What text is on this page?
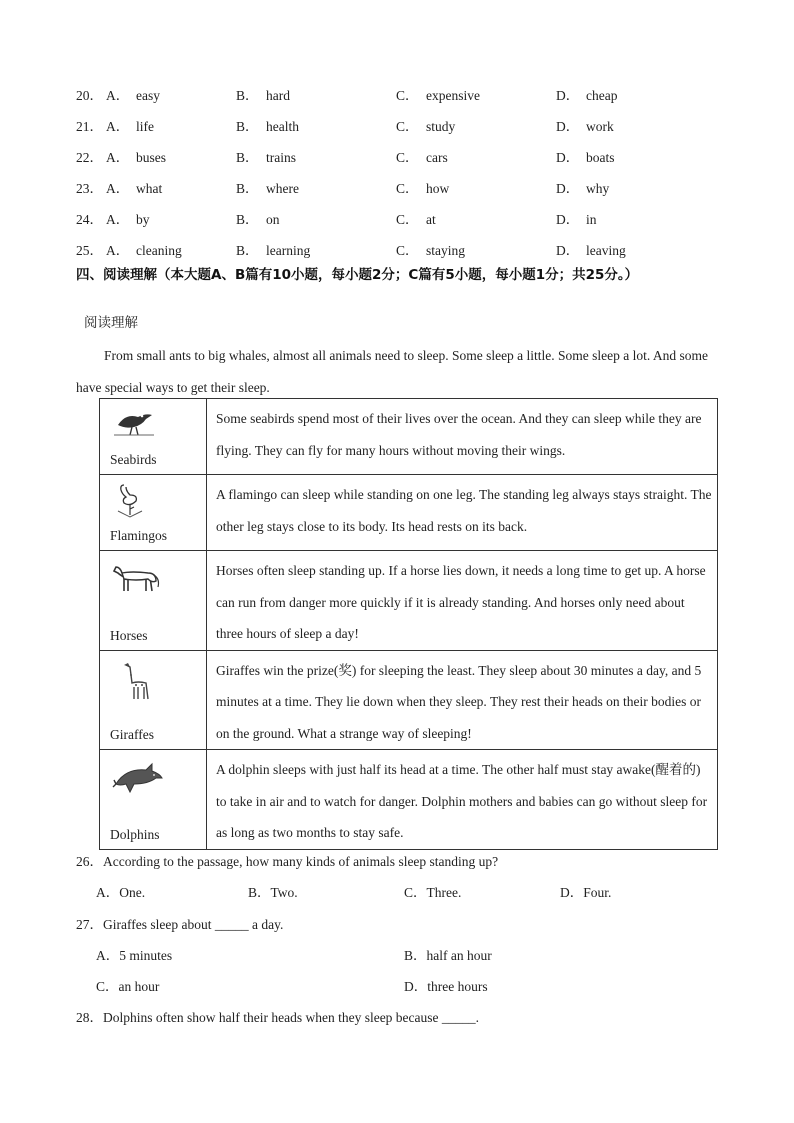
20． A． easy	B． hard	C． expensive	D． cheap
21． A． life	B． health	C． study	D． work
22． A． buses	B． trains	C． cars	D． boats
23． A． what	B． where	C． how	D． why
24． A． by	B． on	C． at	D． in
25． A． cleaning	B． learning	C． staying	D． leaving
四、阅读理解（本大题A、B篇有10小题，每小题2分；C篇有5小题，每小题1分；共25分。）
阅读理解
From small ants to big whales, almost all animals need to sleep. Some sleep a little. Some sleep a lot. And some have special ways to get their sleep.
Seabirds	Some seabirds spend most of their lives over the ocean. And they can sleep while they are flying. They can fly for many hours without moving their wings.

Flamingos	A flamingo can sleep while standing on one leg. The standing leg always stays straight. The other leg stays close to its body. Its head rests on its back.

Horses	Horses often sleep standing up. If a horse lies down, it needs a long time to get up. A horse can run from danger more quickly if it is already standing. And horses only need about three hours of sleep a day!

Giraffes	Giraffes win the prize(奖) for sleeping the least. They sleep about 30 minutes a day, and 5 minutes at a time. They lie down when they sleep. They rest their heads on their bodies or on the ground. What a strange way of sleeping!

Dolphins	A dolphin sleeps with just half its head at a time. The other half must stay awake(醒着的) to take in air and to watch for danger. Dolphin mothers and babies can go without sleep for as long as two months to stay safe.
26．According to the passage, how many kinds of animals sleep standing up?
A．One.	B．Two.	C．Three.	D．Four.
27．Giraffes sleep about _____ a day.
A．5 minutes	B．half an hour
C．an hour	D．three hours
28．Dolphins often show half their heads when they sleep because _____.
